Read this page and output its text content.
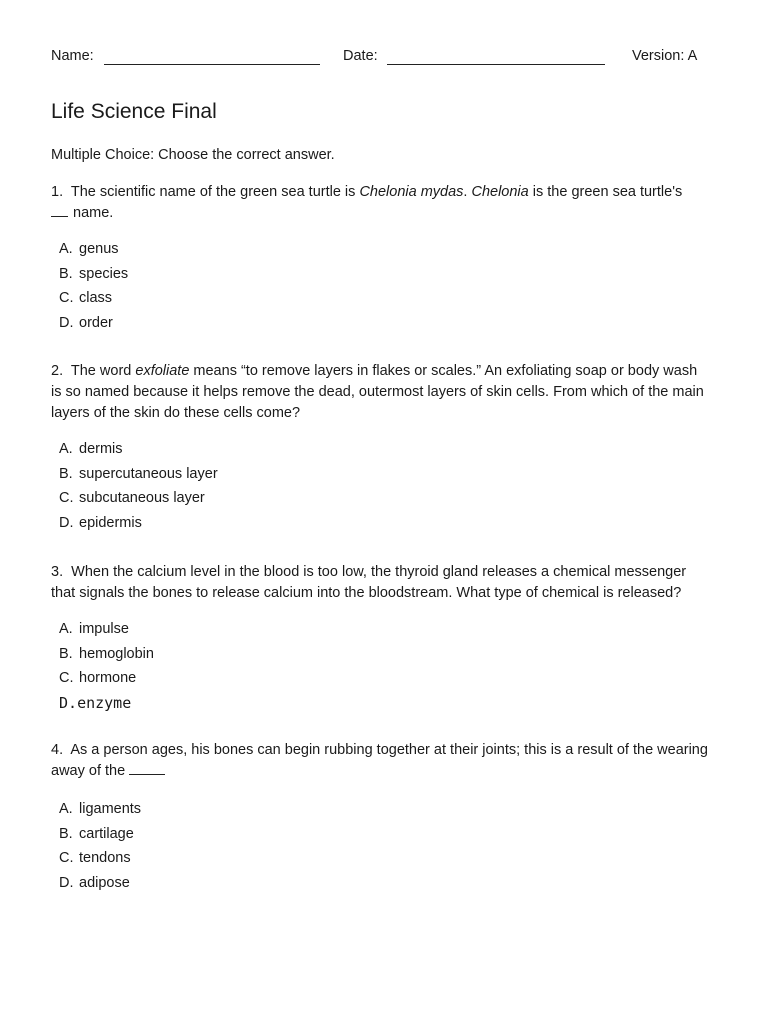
Name:	Date:	Version: A
Life Science Final
Multiple Choice: Choose the correct answer.

1. The scientific name of the green sea turtle is Chelonia mydas. Chelonia is the green sea turtle's
name.

A. genus
B. species
C. class
D. order

2. The word exfoliate means “to remove layers in flakes or scales.” An exfoliating soap or body wash is so named because it helps remove the dead, outermost layers of skin cells. From which of the main layers of the skin do these cells come?

A. dermis
B. supercutaneous layer
C. subcutaneous layer
D. epidermis

3. When the calcium level in the blood is too low, the thyroid gland releases a chemical messenger that signals the bones to release calcium into the bloodstream. What type of chemical is released?

A. impulse
B. hemoglobin
C. hormone
D.enzyme

4. As a person ages, his bones can begin rubbing together at their joints; this is a result of the wearing away of the

A. ligaments
B. cartilage
C. tendons
D. adipose
